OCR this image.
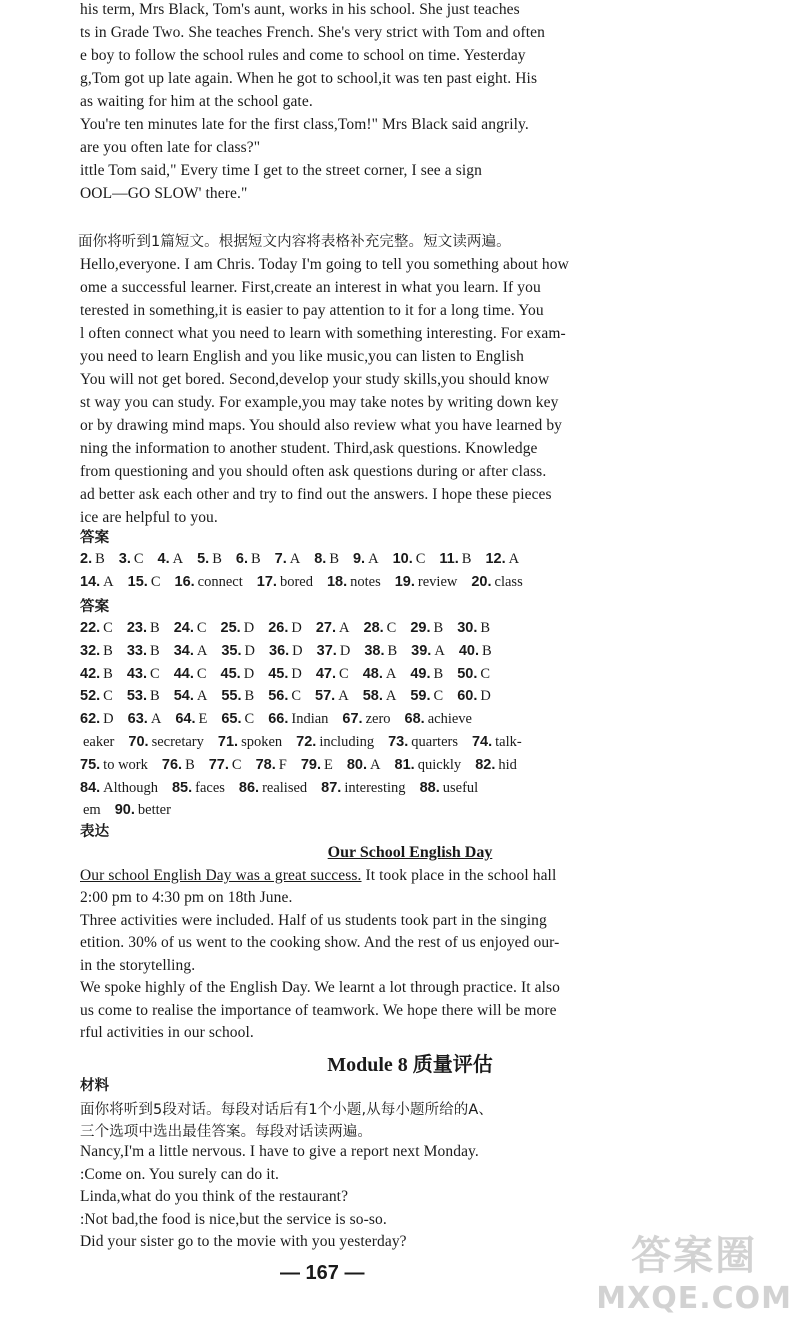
his term, Mrs Black, Tom's aunt, works in his school. She just teaches
ts in Grade Two. She teaches French. She's very strict with Tom and often
e boy to follow the school rules and come to school on time. Yesterday
g,Tom got up late again. When he got to school,it was ten past eight. His
as waiting for him at the school gate.
You're ten minutes late for the first class,Tom!" Mrs Black said angrily.
are you often late for class?"
ittle Tom said," Every time I get to the street corner, I see a sign
OOL—GO SLOW' there."
面你将听到1篇短文。根据短文内容将表格补充完整。短文读两遍。
Hello,everyone. I am Chris. Today I'm going to tell you something about how
ome a successful learner. First,create an interest in what you learn. If you
terested in something,it is easier to pay attention to it for a long time. You
l often connect what you need to learn with something interesting. For exam-
you need to learn English and you like music,you can listen to English
You will not get bored. Second,develop your study skills,you should know
st way you can study. For example,you may take notes by writing down key
or by drawing mind maps. You should also review what you have learned by
ning the information to another student. Third,ask questions. Knowledge
from questioning and you should often ask questions during or after class.
ad better ask each other and try to find out the answers. I hope these pieces
ice are helpful to you.
答案
2. B 3. C 4. A 5. B 6. B 7. A 8. B 9. A 10. C 11. B 12. A
14. A 15. C 16. connect 17. bored 18. notes 19. review 20. class
答案
22. C 23. B 24. C 25. D 26. D 27. A 28. C 29. B 30. B
32. B 33. B 34. A 35. D 36. D 37. D 38. B 39. A 40. B
42. B 43. C 44. C 45. D 45. D 47. C 48. A 49. B 50. C
52. C 53. B 54. A 55. B 56. C 57. A 58. A 59. C 60. D
62. D 63. A 64. E 65. C 66. Indian 67. zero 68. achieve
eaker 70. secretary 71. spoken 72. including 73. quarters 74. talk-
75. to work 76. B 77. C 78. F 79. E 80. A 81. quickly 82. hid
84. Although 85. faces 86. realised 87. interesting 88. useful
em 90. better
表达
Our School English Day
Our school English Day was a great success. It took place in the school hall
2:00 pm to 4:30 pm on 18th June.
Three activities were included. Half of us students took part in the singing
etition. 30% of us went to the cooking show. And the rest of us enjoyed our-
in the storytelling.
We spoke highly of the English Day. We learnt a lot through practice. It also
us come to realise the importance of teamwork. We hope there will be more
rful activities in our school.
Module 8 质量评估
材料
面你将听到5段对话。每段对话后有1个小题,从每小题所给的A、
三个选项中选出最佳答案。每段对话读两遍。
Nancy,I'm a little nervous. I have to give a report next Monday.
:Come on. You surely can do it.
Linda,what do you think of the restaurant?
:Not bad,the food is nice,but the service is so-so.
Did your sister go to the movie with you yesterday?
— 167 —	答案圈
MXQE.COM
